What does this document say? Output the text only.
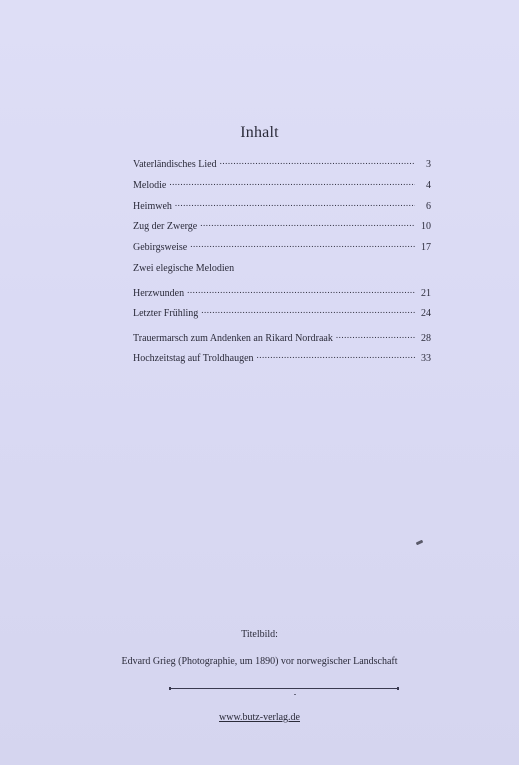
Inhalt
Vaterländisches Lied .....	3
Melodie .....	4
Heimweh .....	6
Zug der Zwerge .....	10
Gebirgsweise .....	17
Zwei elegische Melodien
Herzwunden .....	21
Letzter Frühling .....	24
Trauermarsch zum Andenken an Rikard Nordraak .....	28
Hochzeitstag auf Troldhaugen .....	33
Titelbild:
Edvard Grieg (Photographie, um 1890) vor norwegischer Landschaft
www.butz-verlag.de
